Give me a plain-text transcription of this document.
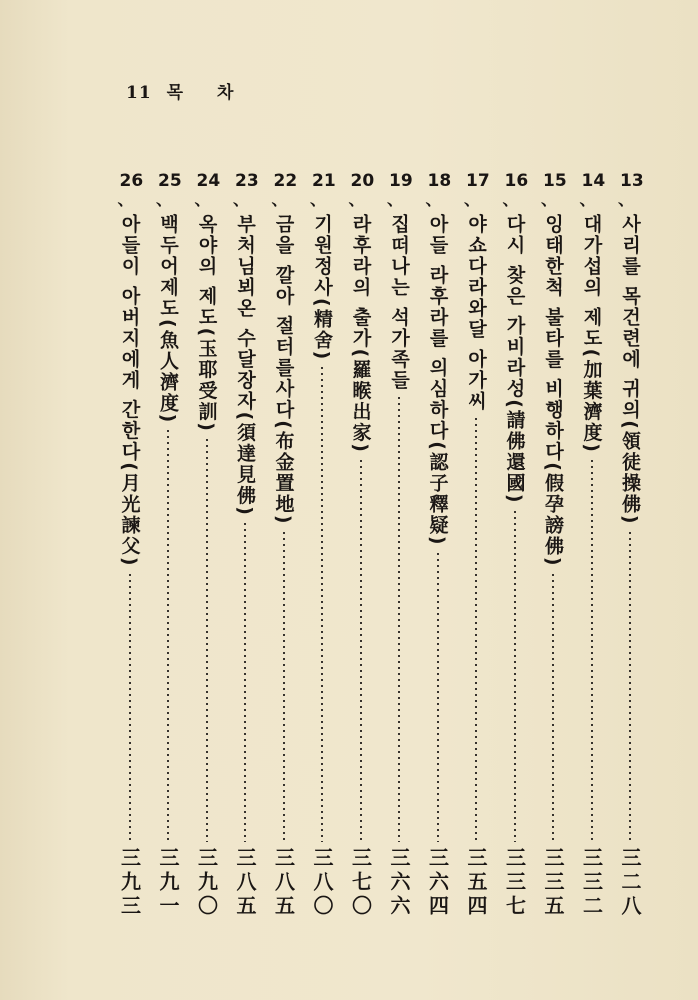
11 목 차
13
、
사리를 목건련에 귀의(領徒操佛)
三二八
14
、
대가섭의 제도(加葉濟度)
三三二
15
、
잉태한척 불타를 비행하다(假孕謗佛)
三三五
16
、
다시 찾은 가비라성(請佛還國)
三三七
17
、
야쇼다라와달 아가씨
三五四
18
、
아들 라후라를 의심하다(認子釋疑)
三六四
19
、
집떠나는 석가족들
三六六
20
、
라후라의 출가(羅睺出家)
三七〇
21
、
기원정사(精舍)
三八〇
22
、
금을 깔아 절터를사다(布金置地)
三八五
23
、
부처님뵈온 수달장자(須達見佛)
三八五
24
、
옥야의 제도(玉耶受訓)
三九〇
25
、
백두어제도(魚人濟度)
三九一
26
、
아들이 아버지에게 간한다(月光諫父)
三九三
